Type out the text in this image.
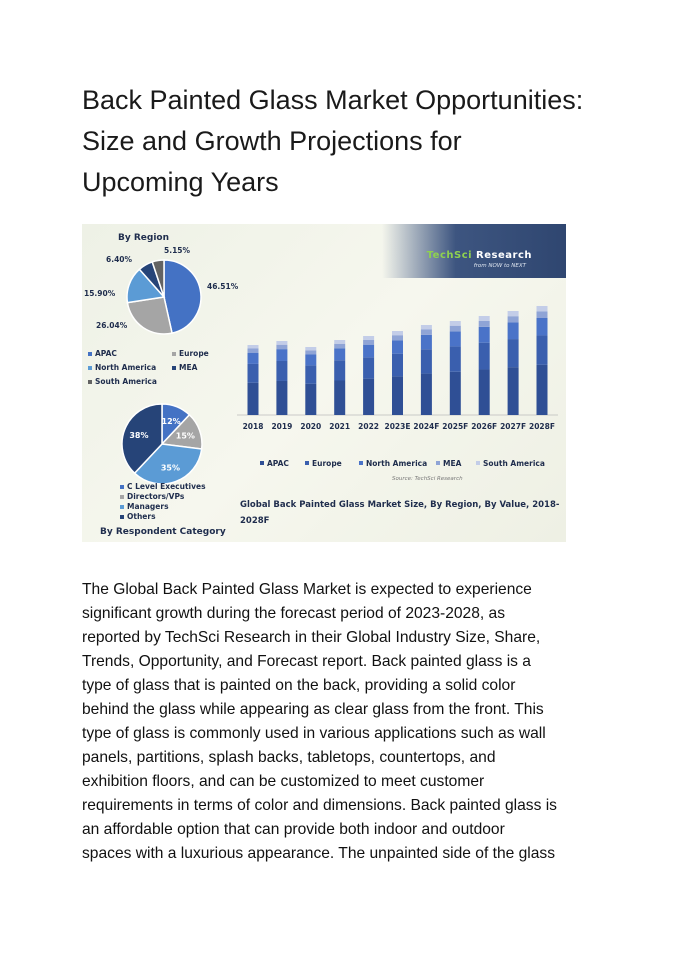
Back Painted Glass Market Opportunities:
Size and Growth Projections for
Upcoming Years
12%
15%
35%
38%
2018 2019 2020 2021 2022 2023E 2024F 2025F 2026F 2027F 2028F
APAC	Europe	North America MEA	South America
TechSci Research
from NOW to NEXT
By Region
5.15%
6.40%
46.51%
15.90%
26.04%
APAC	Europe
North America	MEA
South America
C Level Executives
Directors/VPs
Managers
Others
By Respondent Category
Source: TechSci Research
Global Back Painted Glass Market Size, By Region, By Value, 2018-
2028F
The Global Back Painted Glass Market is expected to experience
significant growth during the forecast period of 2023-2028, as
reported by TechSci Research in their Global Industry Size, Share,
Trends, Opportunity, and Forecast report. Back painted glass is a
type of glass that is painted on the back, providing a solid color
behind the glass while appearing as clear glass from the front. This
type of glass is commonly used in various applications such as wall
panels, partitions, splash backs, tabletops, countertops, and
exhibition floors, and can be customized to meet customer
requirements in terms of color and dimensions. Back painted glass is
an affordable option that can provide both indoor and outdoor
spaces with a luxurious appearance. The unpainted side of the glass
